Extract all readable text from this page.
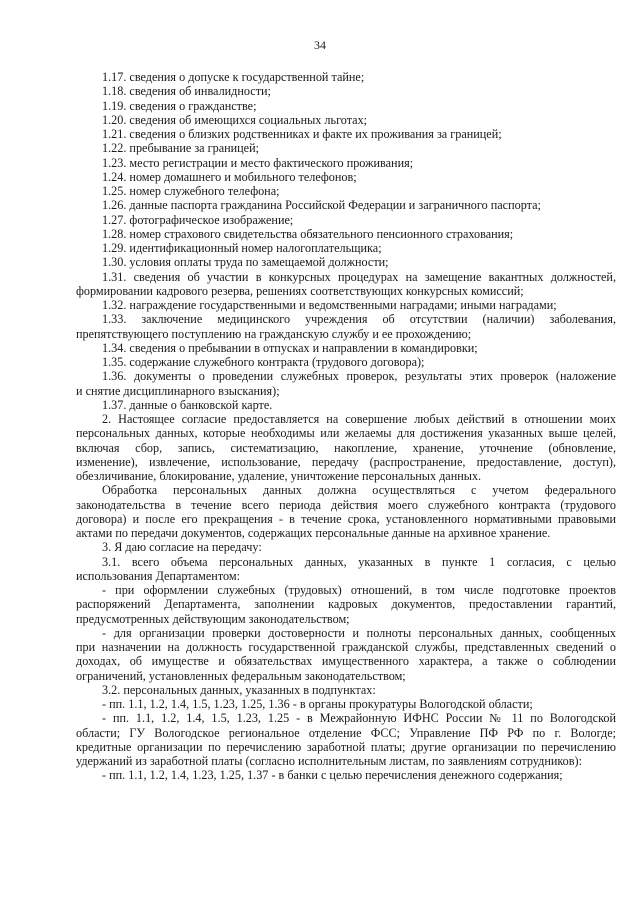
34

1.17. сведения о допуске к государственной тайне;

1.18. сведения об инвалидности;

1.19. сведения о гражданстве;

1.20. сведения об имеющихся социальных льготах;

1.21. сведения о близких родственниках и факте их проживания за границей;

1.22. пребывание за границей;

1.23. место регистрации и место фактического проживания;

1.24. номер домашнего и мобильного телефонов;

1.25. номер служебного телефона;

1.26. данные паспорта гражданина Российской Федерации и заграничного паспорта;

1.27. фотографическое изображение;

1.28. номер страхового свидетельства обязательного пенсионного страхования;

1.29. идентификационный номер налогоплательщика;

1.30. условия оплаты труда по замещаемой должности;

1.31. сведения об участии в конкурсных процедурах на замещение вакантных должностей,

формировании кадрового резерва, решениях соответствующих конкурсных комиссий;

1.32. награждение государственными и ведомственными наградами; иными наградами;

1.33. заключение медицинского учреждения об отсутствии (наличии) заболевания,

препятствующего поступлению на гражданскую службу и ее прохождению;

1.34. сведения о пребывании в отпусках и направлении в командировки;

1.35. содержание служебного контракта (трудового договора);

1.36. документы о проведении служебных проверок, результаты этих проверок (наложение

и снятие дисциплинарного взыскания);

1.37. данные о банковской карте.

2. Настоящее согласие предоставляется на совершение любых действий в отношении моих

персональных данных, которые необходимы или желаемы для достижения указанных выше целей,

включая сбор, запись, систематизацию, накопление, хранение, уточнение (обновление,

изменение), извлечение, использование, передачу (распространение, предоставление, доступ),

обезличивание, блокирование, удаление, уничтожение персональных данных.

Обработка персональных данных должна осуществляться с учетом федерального

законодательства в течение всего периода действия моего служебного контракта (трудового

договора) и после его прекращения - в течение срока, установленного нормативными правовыми

актами по передачи документов, содержащих персональные данные на архивное хранение.

3. Я даю согласие на передачу:

3.1. всего объема персональных данных, указанных в пункте 1 согласия, с целью

использования Департаментом:

- при оформлении служебных (трудовых) отношений, в том числе подготовке проектов

распоряжений Департамента, заполнении кадровых документов, предоставлении гарантий,

предусмотренных действующим законодательством;

- для организации проверки достоверности и полноты персональных данных, сообщенных

при назначении на должность государственной гражданской службы, представленных сведений о

доходах, об имуществе и обязательствах имущественного характера, а также о соблюдении

ограничений, установленных федеральным законодательством;

3.2. персональных данных, указанных в подпунктах:

- пп. 1.1, 1.2, 1.4, 1.5, 1.23, 1.25, 1.36 - в органы прокуратуры Вологодской области;

- пп. 1.1, 1.2, 1.4, 1.5, 1.23, 1.25 - в Межрайонную ИФНС России № 11 по Вологодской

области; ГУ Вологодское региональное отделение ФСС; Управление ПФ РФ по г. Вологде;

кредитные организации по перечислению заработной платы; другие организации по перечислению

удержаний из заработной платы (согласно исполнительным листам, по заявлениям сотрудников):

- пп. 1.1, 1.2, 1.4, 1.23, 1.25, 1.37 - в банки с целью перечисления денежного содержания;
